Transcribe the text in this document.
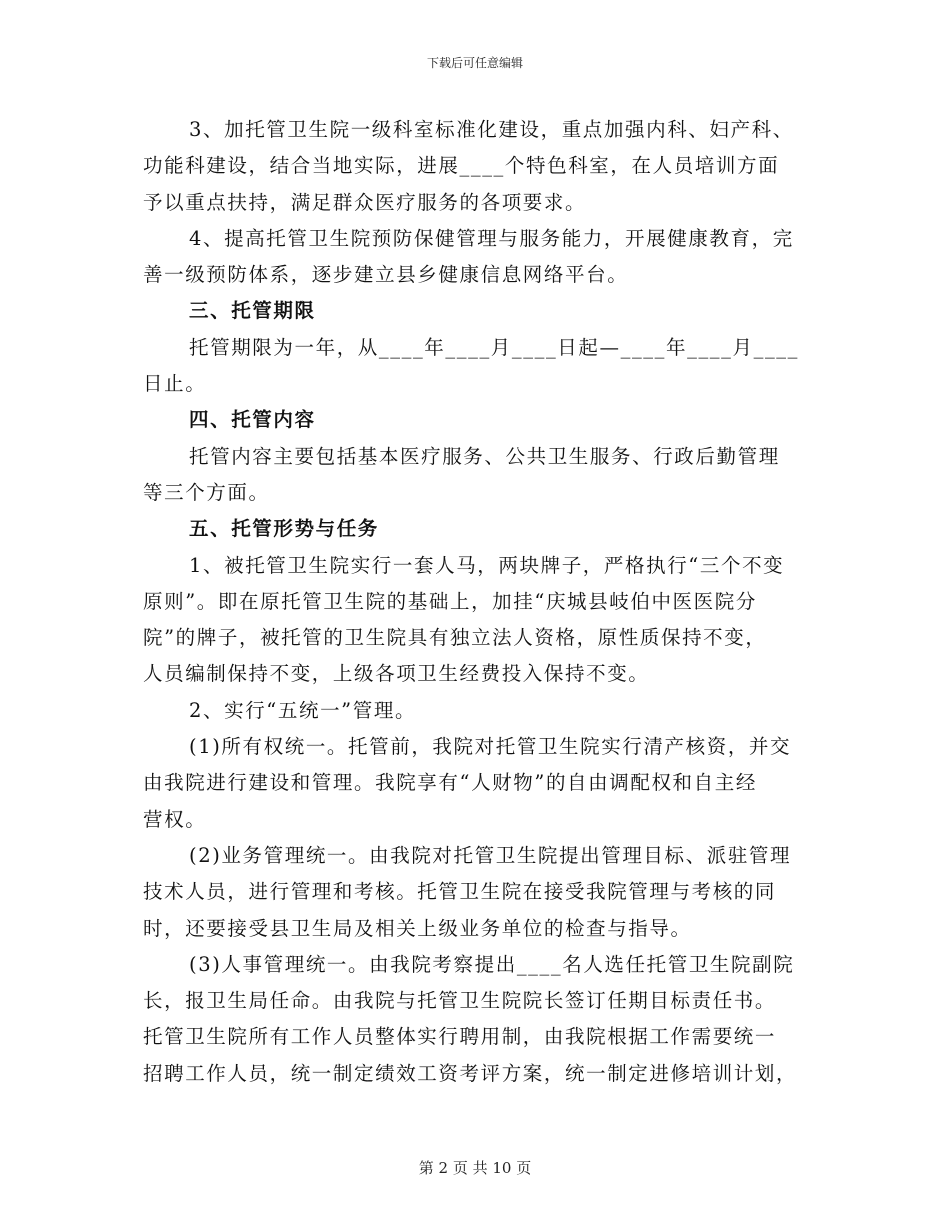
下载后可任意编辑
3、加托管卫生院一级科室标准化建设，重点加强内科、妇产科、
功能科建设，结合当地实际，进展____个特色科室，在人员培训方面
予以重点扶持，满足群众医疗服务的各项要求。
4、提高托管卫生院预防保健管理与服务能力，开展健康教育，完
善一级预防体系，逐步建立县乡健康信息网络平台。
三、托管期限
托管期限为一年，从____年____月____日起—____年____月____
日止。
四、托管内容
托管内容主要包括基本医疗服务、公共卫生服务、行政后勤管理
等三个方面。
五、托管形势与任务
1、被托管卫生院实行一套人马，两块牌子，严格执行“三个不变
原则”。即在原托管卫生院的基础上，加挂“庆城县岐伯中医医院分
院”的牌子，被托管的卫生院具有独立法人资格，原性质保持不变，
人员编制保持不变，上级各项卫生经费投入保持不变。
2、实行“五统一”管理。
(1)所有权统一。托管前，我院对托管卫生院实行清产核资，并交
由我院进行建设和管理。我院享有“人财物”的自由调配权和自主经
营权。
(2)业务管理统一。由我院对托管卫生院提出管理目标、派驻管理
技术人员，进行管理和考核。托管卫生院在接受我院管理与考核的同
时，还要接受县卫生局及相关上级业务单位的检查与指导。
(3)人事管理统一。由我院考察提出____名人选任托管卫生院副院
长，报卫生局任命。由我院与托管卫生院院长签订任期目标责任书。
托管卫生院所有工作人员整体实行聘用制，由我院根据工作需要统一
招聘工作人员，统一制定绩效工资考评方案，统一制定进修培训计划，
第 2 页 共 10 页
